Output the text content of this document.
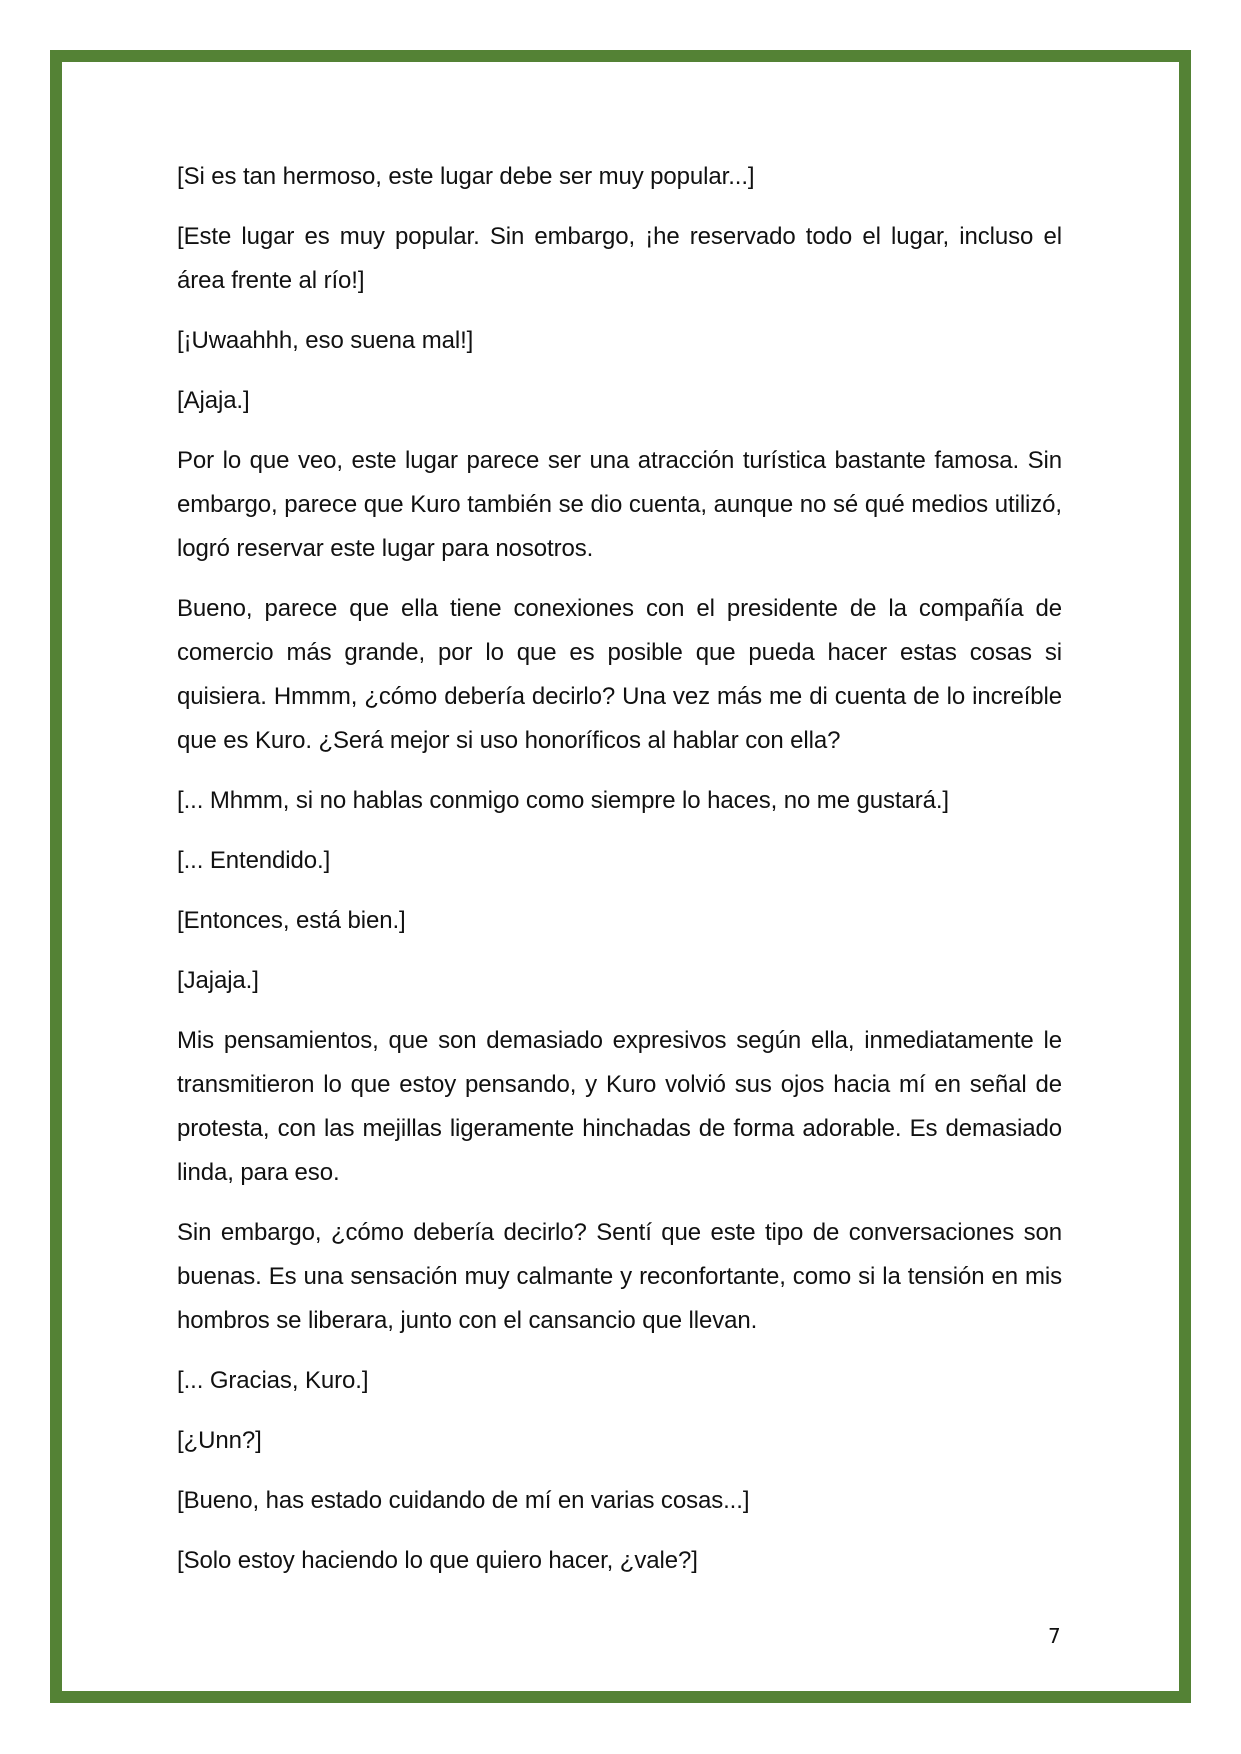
[Si es tan hermoso, este lugar debe ser muy popular...]

[Este lugar es muy popular. Sin embargo, ¡he reservado todo el lugar, incluso el área frente al río!]

[¡Uwaahhh, eso suena mal!]

[Ajaja.]

Por lo que veo, este lugar parece ser una atracción turística bastante famosa. Sin embargo, parece que Kuro también se dio cuenta, aunque no sé qué medios utilizó, logró reservar este lugar para nosotros.

Bueno, parece que ella tiene conexiones con el presidente de la compañía de comercio más grande, por lo que es posible que pueda hacer estas cosas si quisiera. Hmmm, ¿cómo debería decirlo? Una vez más me di cuenta de lo increíble que es Kuro. ¿Será mejor si uso honoríficos al hablar con ella?

[... Mhmm, si no hablas conmigo como siempre lo haces, no me gustará.]

[... Entendido.]

[Entonces, está bien.]

[Jajaja.]

Mis pensamientos, que son demasiado expresivos según ella, inmediatamente le transmitieron lo que estoy pensando, y Kuro volvió sus ojos hacia mí en señal de protesta, con las mejillas ligeramente hinchadas de forma adorable. Es demasiado linda, para eso.

Sin embargo, ¿cómo debería decirlo? Sentí que este tipo de conversaciones son buenas. Es una sensación muy calmante y reconfortante, como si la tensión en mis hombros se liberara, junto con el cansancio que llevan.

[... Gracias, Kuro.]

[¿Unn?]

[Bueno, has estado cuidando de mí en varias cosas...]

[Solo estoy haciendo lo que quiero hacer, ¿vale?]

7
